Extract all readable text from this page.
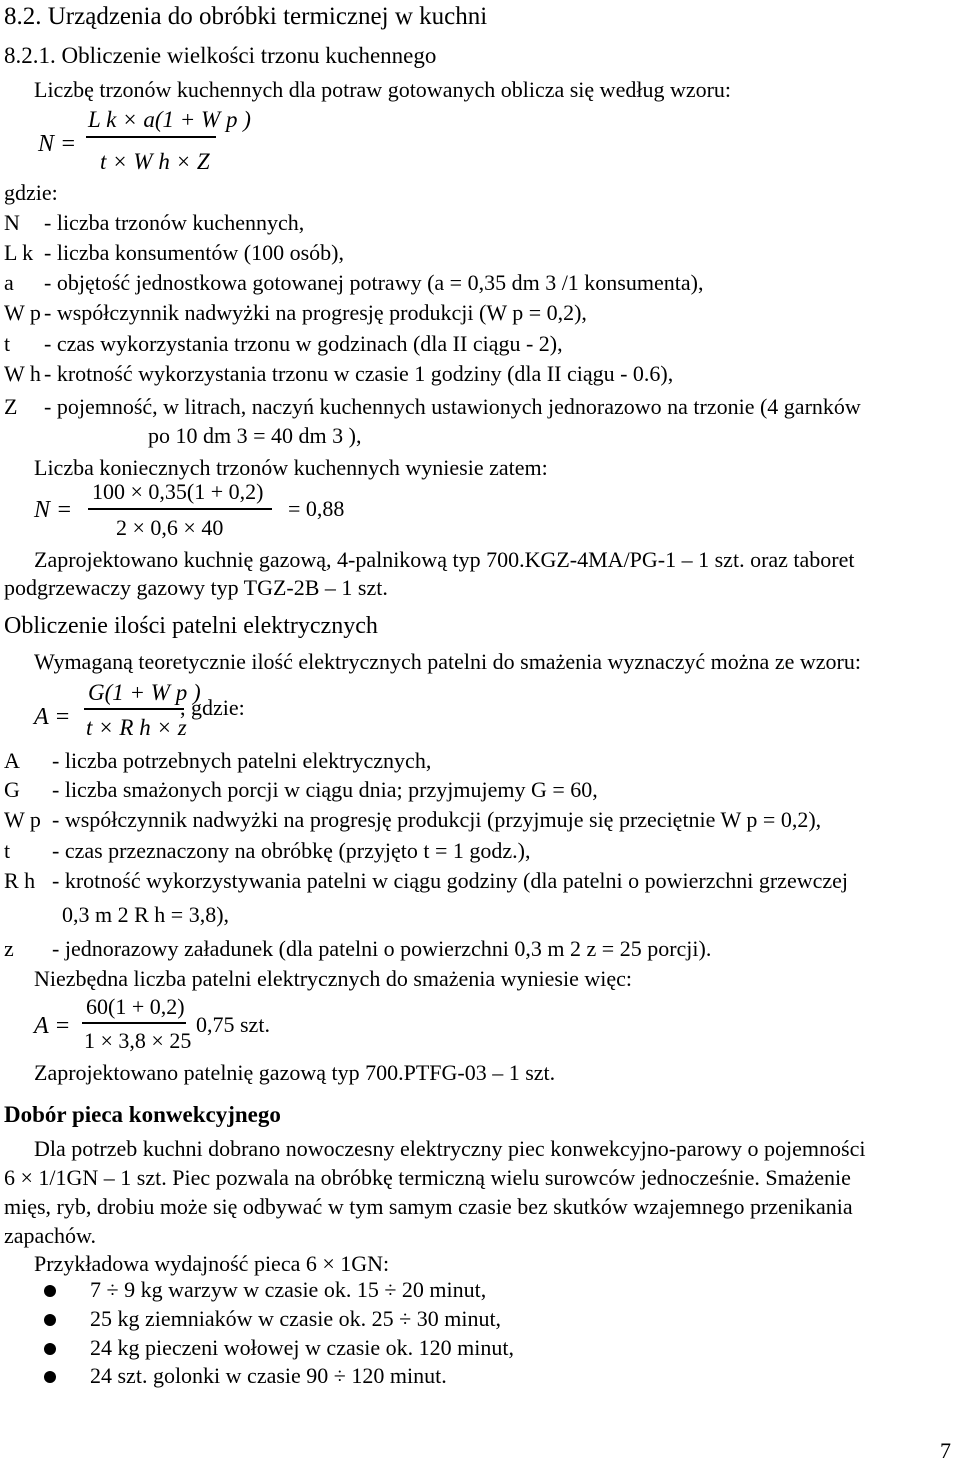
8.2. Urządzenia do obróbki termicznej w kuchni
8.2.1. Obliczenie wielkości trzonu kuchennego
Liczbę trzonów kuchennych dla potraw gotowanych oblicza się według wzoru:
N =
L k × a(1 + W p )
t × W h × Z
gdzie:
N - liczba trzonów kuchennych,
L k - liczba konsumentów (100 osób),
a - objętość jednostkowa gotowanej potrawy (a = 0,35 dm 3 /1 konsumenta),
W p - współczynnik nadwyżki na progresję produkcji (W p = 0,2),
t - czas wykorzystania trzonu w godzinach (dla II ciągu - 2),
W h - krotność wykorzystania trzonu w czasie 1 godziny (dla II ciągu - 0.6),
Z - pojemność, w litrach, naczyń kuchennych ustawionych jednorazowo na trzonie (4 garnków
po 10 dm 3 = 40 dm 3 ),
Liczba koniecznych trzonów kuchennych wyniesie zatem:
N =
100 × 0,35(1 + 0,2)
2 × 0,6 × 40
= 0,88
Zaprojektowano kuchnię gazową, 4-palnikową typ 700.KGZ-4MA/PG-1 – 1 szt. oraz taboret
podgrzewaczy gazowy typ TGZ-2B – 1 szt.
Obliczenie ilości patelni elektrycznych
Wymaganą teoretycznie ilość elektrycznych patelni do smażenia wyznaczyć można ze wzoru:
A =
G(1 + W p )
t × R h × z
, gdzie:
A - liczba potrzebnych patelni elektrycznych,
G - liczba smażonych porcji w ciągu dnia; przyjmujemy G = 60,
W p - współczynnik nadwyżki na progresję produkcji (przyjmuje się przeciętnie W p = 0,2),
t - czas przeznaczony na obróbkę (przyjęto t = 1 godz.),
R h - krotność wykorzystywania patelni w ciągu godziny (dla patelni o powierzchni grzewczej
0,3 m 2 R h = 3,8),
z - jednorazowy załadunek (dla patelni o powierzchni 0,3 m 2 z = 25 porcji).
Niezbędna liczba patelni elektrycznych do smażenia wyniesie więc:
A =
60(1 + 0,2)
1 × 3,8 × 25
0,75 szt.
Zaprojektowano patelnię gazową typ 700.PTFG-03 – 1 szt.
Dobór pieca konwekcyjnego
Dla potrzeb kuchni dobrano nowoczesny elektryczny piec konwekcyjno-parowy o pojemności
6 × 1/1GN – 1 szt. Piec pozwala na obróbkę termiczną wielu surowców jednocześnie. Smażenie
mięs, ryb, drobiu może się odbywać w tym samym czasie bez skutków wzajemnego przenikania
zapachów.
Przykładowa wydajność pieca 6 × 1GN:
7 ÷ 9 kg warzyw w czasie ok. 15 ÷ 20 minut,
25 kg ziemniaków w czasie ok. 25 ÷ 30 minut,
24 kg pieczeni wołowej w czasie ok. 120 minut,
24 szt. golonki w czasie 90 ÷ 120 minut.
7
